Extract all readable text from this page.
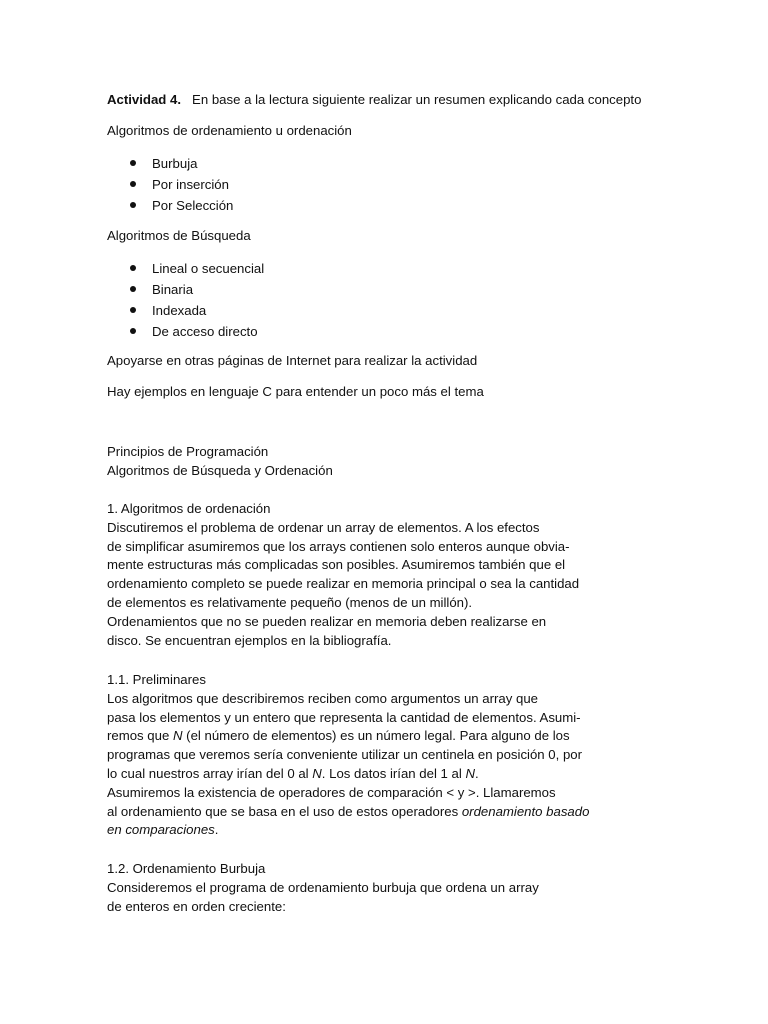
Actividad 4. En base a la lectura siguiente realizar un resumen explicando cada concepto

Algoritmos de ordenamiento u ordenación

Burbuja
Por inserción
Por Selección

Algoritmos de Búsqueda

Lineal o secuencial
Binaria
Indexada
De acceso directo

Apoyarse en otras páginas de Internet para realizar la actividad

Hay ejemplos en lenguaje C para entender un poco más el tema

Principios de Programación
Algoritmos de Búsqueda y Ordenación
1. Algoritmos de ordenación
Discutiremos el problema de ordenar un array de elementos. A los efectos
de simplificar asumiremos que los arrays contienen solo enteros aunque obvia-
mente estructuras más complicadas son posibles. Asumiremos también que el
ordenamiento completo se puede realizar en memoria principal o sea la cantidad
de elementos es relativamente pequeño (menos de un millón).
Ordenamientos que no se pueden realizar en memoria deben realizarse en
disco. Se encuentran ejemplos en la bibliografía.
1.1. Preliminares
Los algoritmos que describiremos reciben como argumentos un array que
pasa los elementos y un entero que representa la cantidad de elementos. Asumi-
remos que N (el número de elementos) es un número legal. Para alguno de los
programas que veremos sería conveniente utilizar un centinela en posición 0, por
lo cual nuestros array irían del 0 al N. Los datos irían del 1 al N.
Asumiremos la existencia de operadores de comparación < y >. Llamaremos
al ordenamiento que se basa en el uso de estos operadores ordenamiento basado
en comparaciones.
1.2. Ordenamiento Burbuja
Consideremos el programa de ordenamiento burbuja que ordena un array
de enteros en orden creciente:
